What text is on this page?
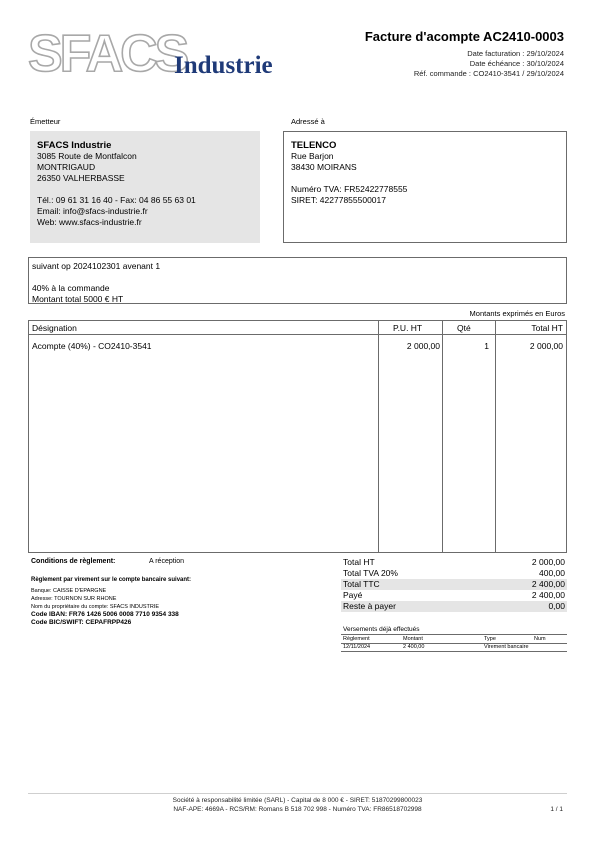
SFACS
Industrie
Facture d'acompte AC2410-0003
Date facturation : 29/10/2024
Date échéance : 30/10/2024
Réf. commande : CO2410-3541 / 29/10/2024
Émetteur
SFACS Industrie
3085 Route de Montfalcon
MONTRIGAUD
26350 VALHERBASSE
Tél.: 09 61 31 16 40 - Fax: 04 86 55 63 01
Email: info@sfacs-industrie.fr
Web: www.sfacs-industrie.fr
Adressé à
TELENCO
Rue Barjon
38430 MOIRANS
Numéro TVA: FR52422778555
SIRET: 42277855500017
suivant op 2024102301 avenant 1
40% à la commande
Montant total 5000 € HT
Montants exprimés en Euros
Désignation	P.U. HT	Qté	Total HT
Acompte (40%) - CO2410-3541	2 000,00	1	2 000,00
Conditions de règlement:	A réception
Règlement par virement sur le compte bancaire suivant:
Banque: CAISSE D'EPARGNE
Adresse: TOURNON SUR RHONE
Nom du propriétaire du compte: SFACS INDUSTRIE
Code IBAN: FR76 1426 5006 0008 7710 9354 338
Code BIC/SWIFT: CEPAFRPP426
Total HT	2 000,00
Total TVA 20%	400,00
Total TTC	2 400,00
Payé	2 400,00
Reste à payer	0,00
Versements déjà effectués
Règlement	Montant	Type	Num
12/11/2024	2 400,00	Virement bancaire
Société à responsabilité limitée (SARL) - Capital de 8 000 € - SIRET: 51870299800023
NAF-APE: 4669A - RCS/RM: Romans B 518 702 998 - Numéro TVA: FR86518702998	1 / 1
